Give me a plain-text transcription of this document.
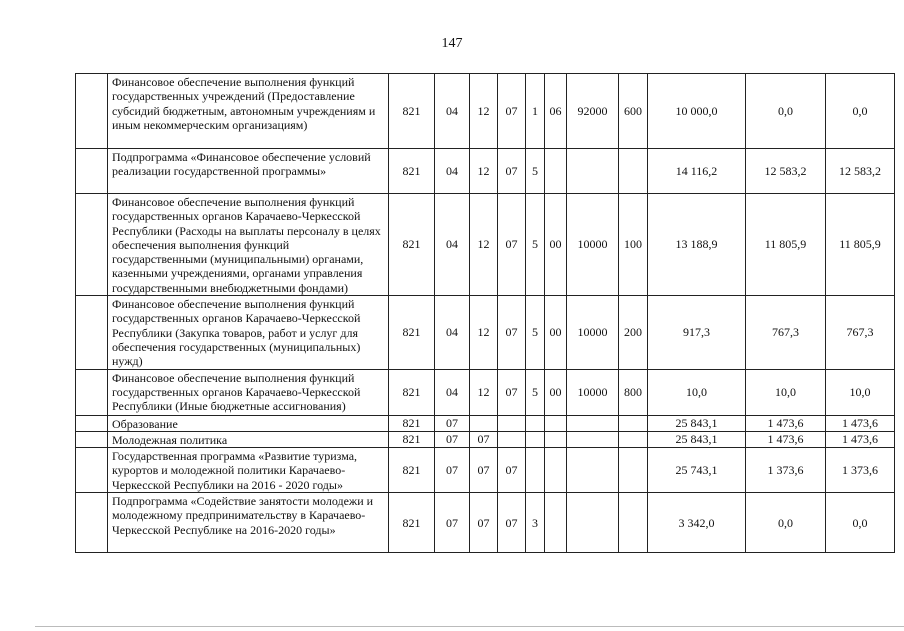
147
	Финансовое обеспечение выполнения функций государственных учреждений (Предоставление субсидий бюджетным, автономным учреждениям и иным некоммерческим организациям)	821	04	12	07	1	06	92000	600	10 000,0	0,0	0,0
	Подпрограмма «Финансовое обеспечение условий реализации государственной программы»	821	04	12	07	5				14 116,2	12 583,2	12 583,2
	Финансовое обеспечение выполнения функций государственных органов Карачаево-Черкесской Республики (Расходы на выплаты персоналу в целях обеспечения выполнения функций государственными (муниципальными) органами, казенными учреждениями, органами управления государственными внебюджетными фондами)	821	04	12	07	5	00	10000	100	13 188,9	11 805,9	11 805,9
	Финансовое обеспечение выполнения функций государственных органов Карачаево-Черкесской Республики (Закупка товаров, работ и услуг для обеспечения государственных (муниципальных) нужд)	821	04	12	07	5	00	10000	200	917,3	767,3	767,3
	Финансовое обеспечение выполнения функций государственных органов Карачаево-Черкесской Республики (Иные бюджетные ассигнования)	821	04	12	07	5	00	10000	800	10,0	10,0	10,0
	Образование	821	07							25 843,1	1 473,6	1 473,6
	Молодежная политика	821	07	07						25 843,1	1 473,6	1 473,6
	Государственная программа «Развитие туризма, курортов и молодежной политики Карачаево-Черкесской Республики на 2016 - 2020 годы»	821	07	07	07					25 743,1	1 373,6	1 373,6
	Подпрограмма «Содействие занятости молодежи и молодежному предпринимательству в Карачаево-Черкесской Республике на 2016-2020 годы»	821	07	07	07	3				3 342,0	0,0	0,0
